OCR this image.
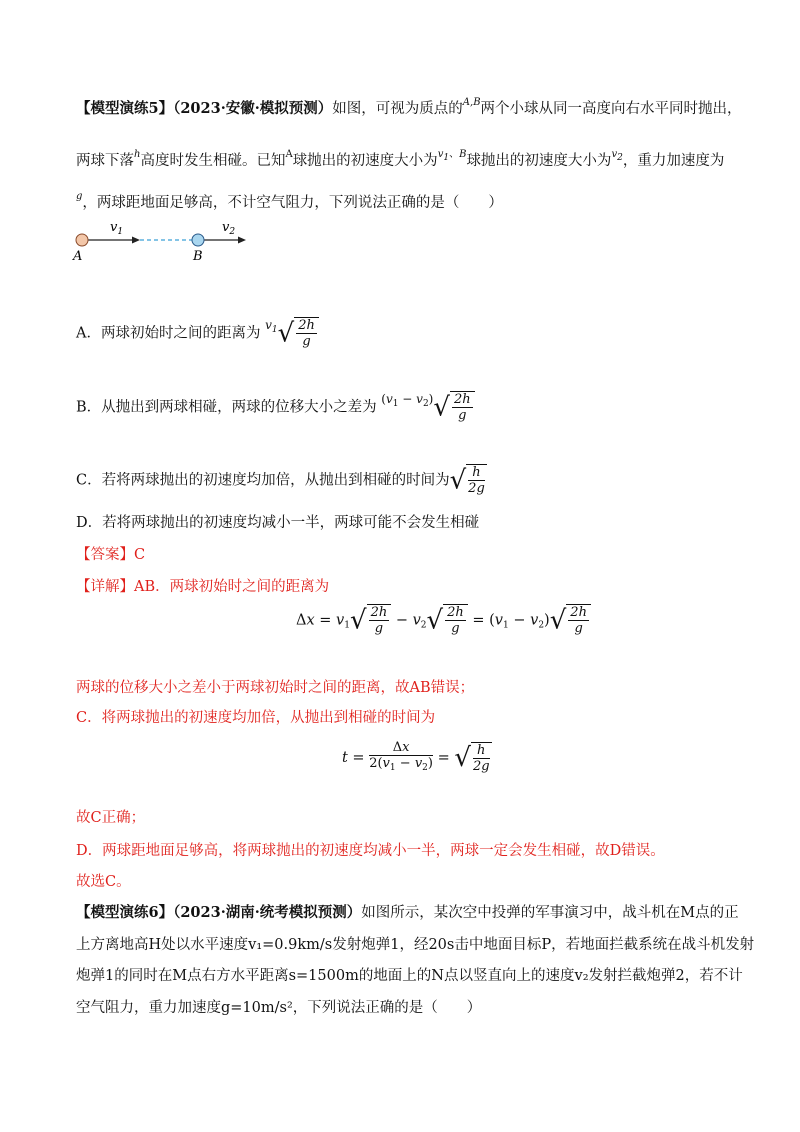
【模型演练5】（2023·安徽·模拟预测）如图，可视为质点的$^{A,B}$两个小球从同一高度向右水平同时抛出，
两球下落$^h$高度时发生相碰。已知$^A$球抛出的初速度大小为$^{v1、B}$球抛出的初速度大小为$^{v2}$，重力加速度为
$^g$，两球距地面足够高，不计空气阻力，下列说法正确的是（　　）
$v_1$	$v_2$
A	B
A．两球初始时之间的距离为 $^{v_1}√ \frac{2h}{g}$
B．从抛出到两球相碰，两球的位移大小之差为 $^{(v_1 - v_2)}√ \frac{2h}{g}$
C．若将两球抛出的初速度均加倍，从抛出到相碰的时间为√ $\frac{h}{2g}$
D．若将两球抛出的初速度均减小一半，两球可能不会发生相碰
【答案】C
【详解】AB．两球初始时之间的距离为
$\Delta x = v_1√ \frac{2h}{g} - v_2√ \frac{2h}{g} = (v_1 - v_2)√ \frac{2h}{g}$
两球的位移大小之差小于两球初始时之间的距离，故AB错误；
C．将两球抛出的初速度均加倍，从抛出到相碰的时间为
$t = \frac{\Delta x}{2(v_1 - v_2)}$ = √ $\frac{h}{2g}$
故C正确；
D．两球距地面足够高，将两球抛出的初速度均减小一半，两球一定会发生相碰，故D错误。
故选C。
【模型演练6】（2023·湖南·统考模拟预测）如图所示，某次空中投弹的军事演习中，战斗机在M点的正
上方离地高H处以水平速度v₁=0.9km/s发射炮弹1，经20s击中地面目标P，若地面拦截系统在战斗机发射
炮弹1的同时在M点右方水平距离s=1500m的地面上的N点以竖直向上的速度v₂发射拦截炮弹2，若不计
空气阻力，重力加速度g=10m/s²，下列说法正确的是（　　）
